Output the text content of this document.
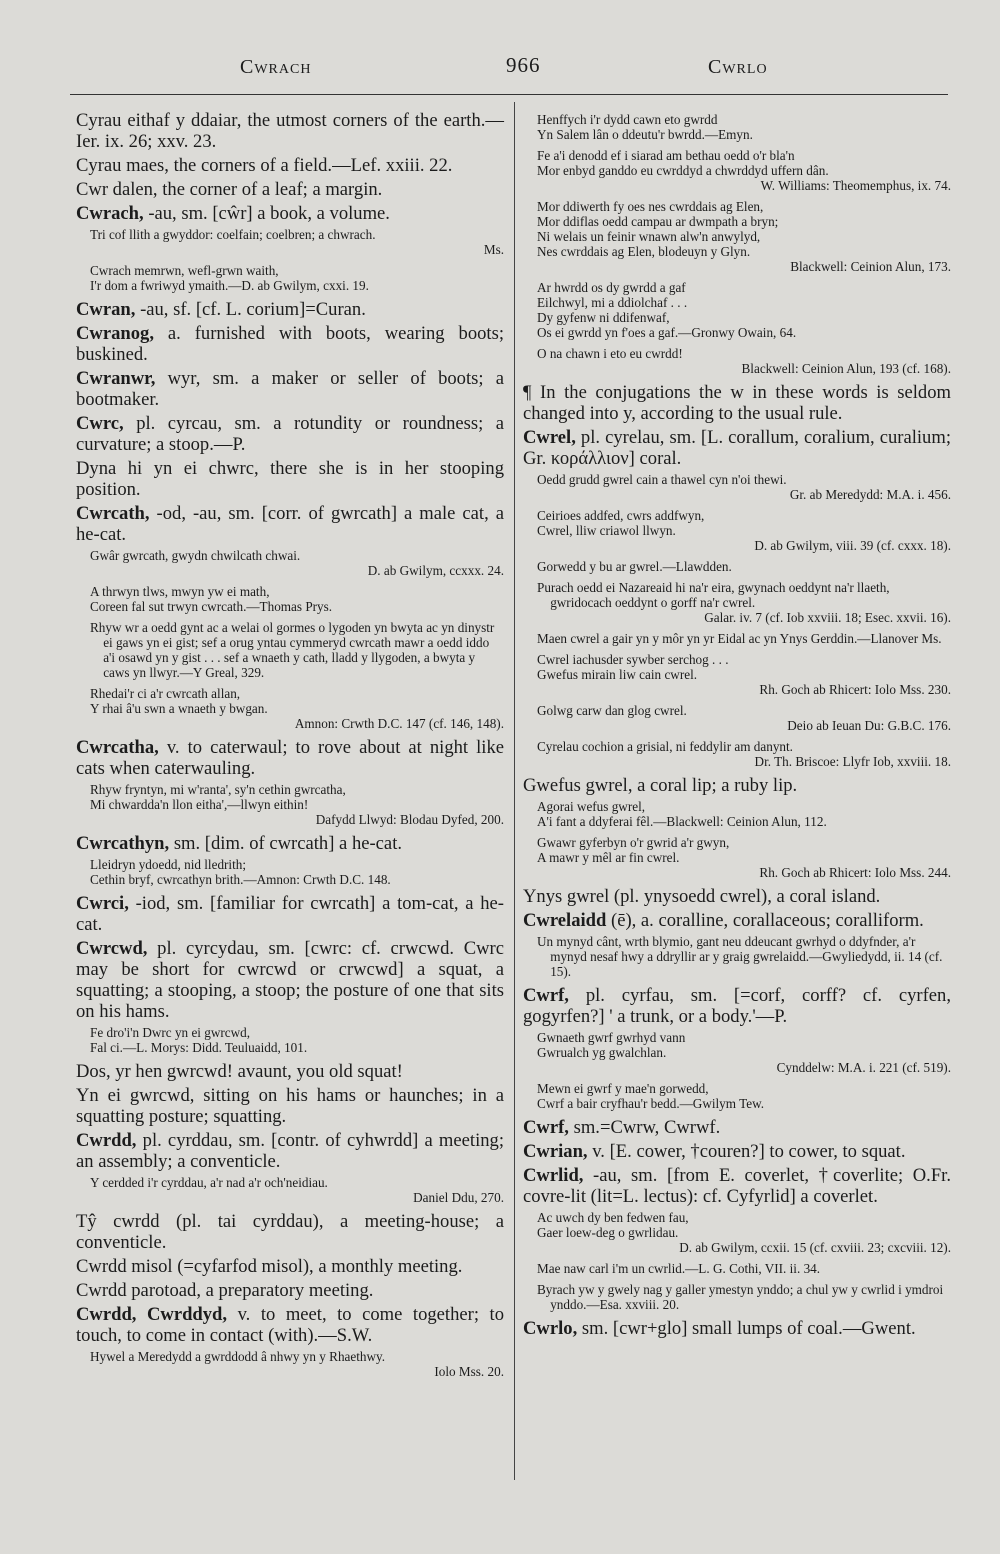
Cwrach	966	Cwrlo

Cyrau eithaf y ddaiar, the utmost corners of the earth.—Ier. ix. 26; xxv. 23.

Cyrau maes, the corners of a field.—Lef. xxiii. 22.

Cwr dalen, the corner of a leaf; a margin.

Cwrach, -au, sm. [cŵr] a book, a volume.

Tri cof llith a gwyddor: coelfain; coelbren; a chwrach.
Ms.
Cwrach memrwn, wefl-grwn waith,
I'r dom a fwriwyd ymaith.—D. ab Gwilym, cxxi. 19.

Cwran, -au, sf. [cf. L. corium]=Curan.

Cwranog, a. furnished with boots, wearing boots; buskined.

Cwranwr, wyr, sm. a maker or seller of boots; a bootmaker.

Cwrc, pl. cyrcau, sm. a rotundity or roundness; a curvature; a stoop.—P.

Dyna hi yn ei chwrc, there she is in her stooping position.

Cwrcath, -od, -au, sm. [corr. of gwrcath] a male cat, a he-cat.

Gwâr gwrcath, gwydn chwilcath chwai.
D. ab Gwilym, ccxxx. 24.
A thrwyn tlws, mwyn yw ei math,
Coreen fal sut trwyn cwrcath.—Thomas Prys.
Rhyw wr a oedd gynt ac a welai ol gormes o lygoden yn bwyta ac yn dinystr ei gaws yn ei gist; sef a orug yntau cymmeryd cwrcath mawr a oedd iddo a'i osawd yn y gist . . . sef a wnaeth y cath, lladd y llygoden, a bwyta y caws yn llwyr.—Y Greal, 329.
Rhedai'r ci a'r cwrcath allan,
Y rhai â'u swn a wnaeth y bwgan.
Amnon: Crwth D.C. 147 (cf. 146, 148).

Cwrcatha, v. to caterwaul; to rove about at night like cats when caterwauling.

Rhyw fryntyn, mi w'ranta', sy'n cethin gwrcatha,
Mi chwardda'n llon eitha',—llwyn eithin!
Dafydd Llwyd: Blodau Dyfed, 200.

Cwrcathyn, sm. [dim. of cwrcath] a he-cat.

Lleidryn ydoedd, nid lledrith;
Cethin bryf, cwrcathyn brith.—Amnon: Crwth D.C. 148.

Cwrci, -iod, sm. [familiar for cwrcath] a tom-cat, a he-cat.

Cwrcwd, pl. cyrcydau, sm. [cwrc: cf. crwcwd. Cwrc may be short for cwrcwd or crwcwd] a squat, a squatting; a stooping, a stoop; the posture of one that sits on his hams.

Fe dro'i'n Dwrc yn ei gwrcwd,
Fal ci.—L. Morys: Didd. Teuluaidd, 101.

Dos, yr hen gwrcwd! avaunt, you old squat!

Yn ei gwrcwd, sitting on his hams or haunches; in a squatting posture; squatting.

Cwrdd, pl. cyrddau, sm. [contr. of cyhwrdd] a meeting; an assembly; a conventicle.

Y cerdded i'r cyrddau, a'r nad a'r och'neidiau.
Daniel Ddu, 270.

Tŷ cwrdd (pl. tai cyrddau), a meeting-house; a conventicle.

Cwrdd misol (=cyfarfod misol), a monthly meeting.

Cwrdd parotoad, a preparatory meeting.

Cwrdd, Cwrddyd, v. to meet, to come together; to touch, to come in contact (with).—S.W.

Hywel a Meredydd a gwrddodd â nhwy yn y Rhaethwy.
Iolo Mss. 20.
Henffych i'r dydd cawn eto gwrdd
Yn Salem lân o ddeutu'r bwrdd.—Emyn.
Fe a'i denodd ef i siarad am bethau oedd o'r bla'n
Mor enbyd ganddo eu cwrddyd a chwrddyd uffern dân.
W. Williams: Theomemphus, ix. 74.
Mor ddiwerth fy oes nes cwrddais ag Elen,
Mor ddiflas oedd campau ar dwmpath a bryn;
Ni welais un feinir wnawn alw'n anwylyd,
Nes cwrddais ag Elen, blodeuyn y Glyn.
Blackwell: Ceinion Alun, 173.
Ar hwrdd os dy gwrdd a gaf
Eilchwyl, mi a ddiolchaf . . .
Dy gyfenw ni ddifenwaf,
Os ei gwrdd yn f'oes a gaf.—Gronwy Owain, 64.
O na chawn i eto eu cwrdd!
Blackwell: Ceinion Alun, 193 (cf. 168).

¶ In the conjugations the w in these words is seldom changed into y, according to the usual rule.

Cwrel, pl. cyrelau, sm. [L. corallum, coralium, curalium; Gr. κοράλλιον] coral.

Oedd grudd gwrel cain a thawel cyn n'oi thewi.
Gr. ab Meredydd: M.A. i. 456.
Ceirioes addfed, cwrs addfwyn,
Cwrel, lliw criawol llwyn.
D. ab Gwilym, viii. 39 (cf. cxxx. 18).
Gorwedd y bu ar gwrel.—Llawdden.
Purach oedd ei Nazareaid hi na'r eira, gwynach oeddynt na'r llaeth, gwridocach oeddynt o gorff na'r cwrel.
Galar. iv. 7 (cf. Iob xxviii. 18; Esec. xxvii. 16).
Maen cwrel a gair yn y môr yn yr Eidal ac yn Ynys Gerddin.—Llanover Ms.
Cwrel iachusder sywber serchog . . .
Gwefus mirain liw cain cwrel.
Rh. Goch ab Rhicert: Iolo Mss. 230.
Golwg carw dan glog cwrel.
Deio ab Ieuan Du: G.B.C. 176.
Cyrelau cochion a grisial, ni feddylir am danynt.
Dr. Th. Briscoe: Llyfr Iob, xxviii. 18.

Gwefus gwrel, a coral lip; a ruby lip.

Agorai wefus gwrel,
A'i fant a ddyferai fêl.—Blackwell: Ceinion Alun, 112.
Gwawr gyferbyn o'r gwrid a'r gwyn,
A mawr y mêl ar fin cwrel.
Rh. Goch ab Rhicert: Iolo Mss. 244.

Ynys gwrel (pl. ynysoedd cwrel), a coral island.

Cwrelaidd (ē), a. coralline, corallaceous; coralliform.

Un mynyd cânt, wrth blymio, gant neu ddeucant gwrhyd o ddyfnder, a'r mynyd nesaf hwy a ddryllir ar y graig gwrelaidd.—Gwyliedydd, ii. 14 (cf. 15).

Cwrf, pl. cyrfau, sm. [=corf, corff? cf. cyrfen, gogyrfen?] ' a trunk, or a body.'—P.

Gwnaeth gwrf gwrhyd vann
Gwrualch yg gwalchlan.
Cynddelw: M.A. i. 221 (cf. 519).
Mewn ei gwrf y mae'n gorwedd,
Cwrf a bair cryfhau'r bedd.—Gwilym Tew.

Cwrf, sm.=Cwrw, Cwrwf.

Cwrian, v. [E. cower, †couren?] to cower, to squat.

Cwrlid, -au, sm. [from E. coverlet, †coverlite; O.Fr. covre-lit (lit=L. lectus): cf. Cyfyrlid] a coverlet.

Ac uwch dy ben fedwen fau,
Gaer loew-deg o gwrlidau.
D. ab Gwilym, ccxii. 15 (cf. cxviii. 23; cxcviii. 12).
Mae naw carl i'm un cwrlid.—L. G. Cothi, VII. ii. 34.
Byrach yw y gwely nag y galler ymestyn ynddo; a chul yw y cwrlid i ymdroi ynddo.—Esa. xxviii. 20.

Cwrlo, sm. [cwr+glo] small lumps of coal.—Gwent.
